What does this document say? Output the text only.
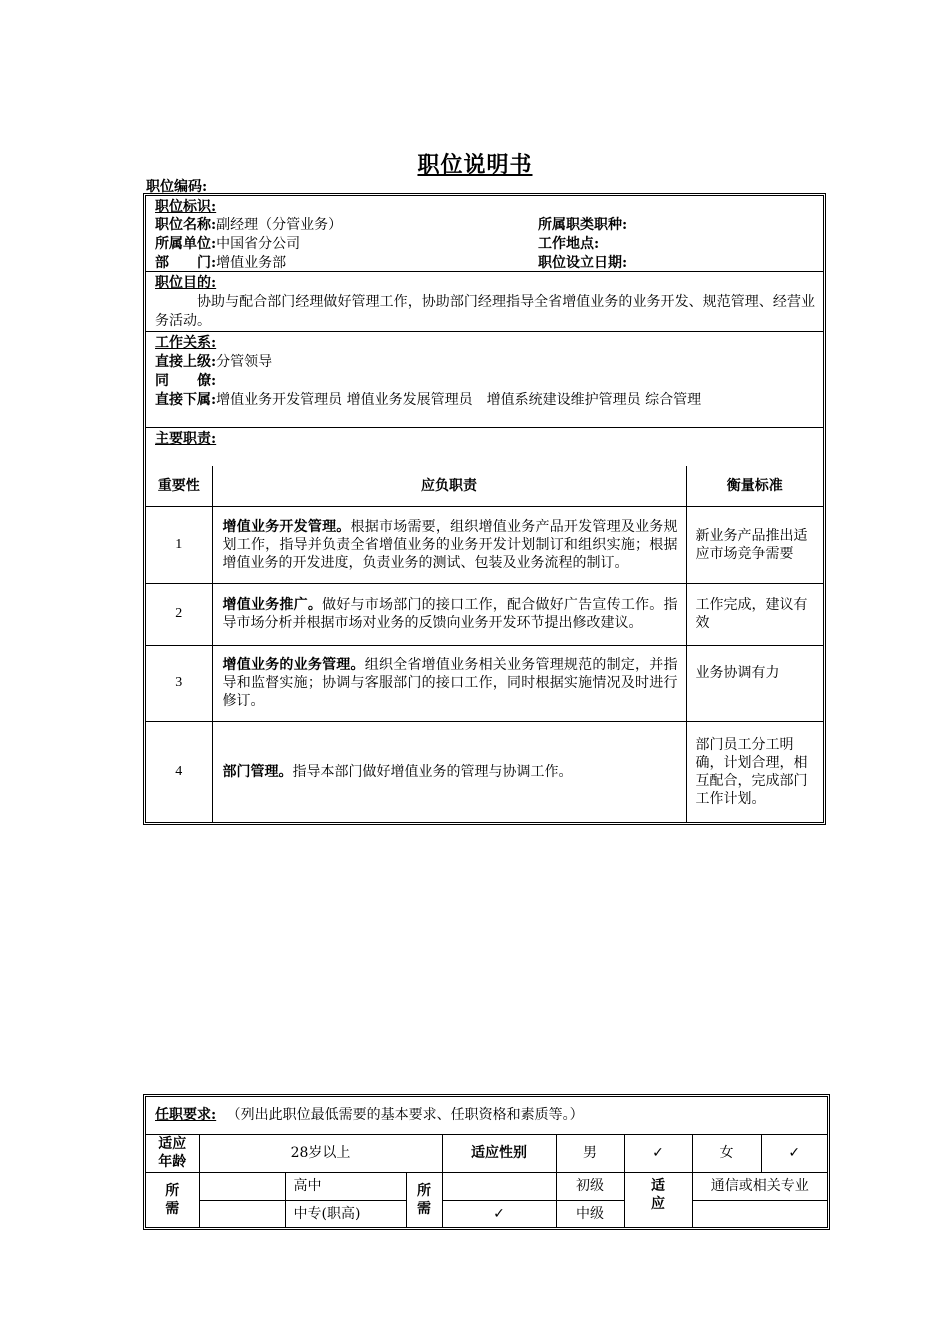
职位说明书
职位编码:
职位标识:
职位名称:副经理（分管业务）
所属单位:中国省分公司
部　　门:增值业务部
所属职类职种:
工作地点:
职位设立日期:
职位目的:
协助与配合部门经理做好管理工作，协助部门经理指导全省增值业务的业务开发、规范管理、经营业务活动。
工作关系:
直接上级:分管领导
同　　僚:
直接下属:增值业务开发管理员 增值业务发展管理员　增值系统建设维护管理员 综合管理
主要职责:
重要性	应负职责	衡量标准
1	增值业务开发管理。根据市场需要，组织增值业务产品开发管理及业务规划工作，指导并负责全省增值业务的业务开发计划制订和组织实施；根据增值业务的开发进度，负责业务的测试、包装及业务流程的制订。	新业务产品推出适应市场竞争需要
2	增值业务推广。做好与市场部门的接口工作，配合做好广告宣传工作。指导市场分析并根据市场对业务的反馈向业务开发环节提出修改建议。	工作完成，建议有效
3	增值业务的业务管理。组织全省增值业务相关业务管理规范的制定，并指导和监督实施；协调与客服部门的接口工作，同时根据实施情况及时进行修订。	业务协调有力
4	部门管理。指导本部门做好增值业务的管理与协调工作。	部门员工分工明确，计划合理，相互配合，完成部门工作计划。
任职要求: （列出此职位最低需要的基本要求、任职资格和素质等。）								
适应年龄	28岁以上			适应性别	男	✓	女	✓
所需		高中	所需		初级	适应	通信或相关专业	
		中专(职高)		✓	中级			
